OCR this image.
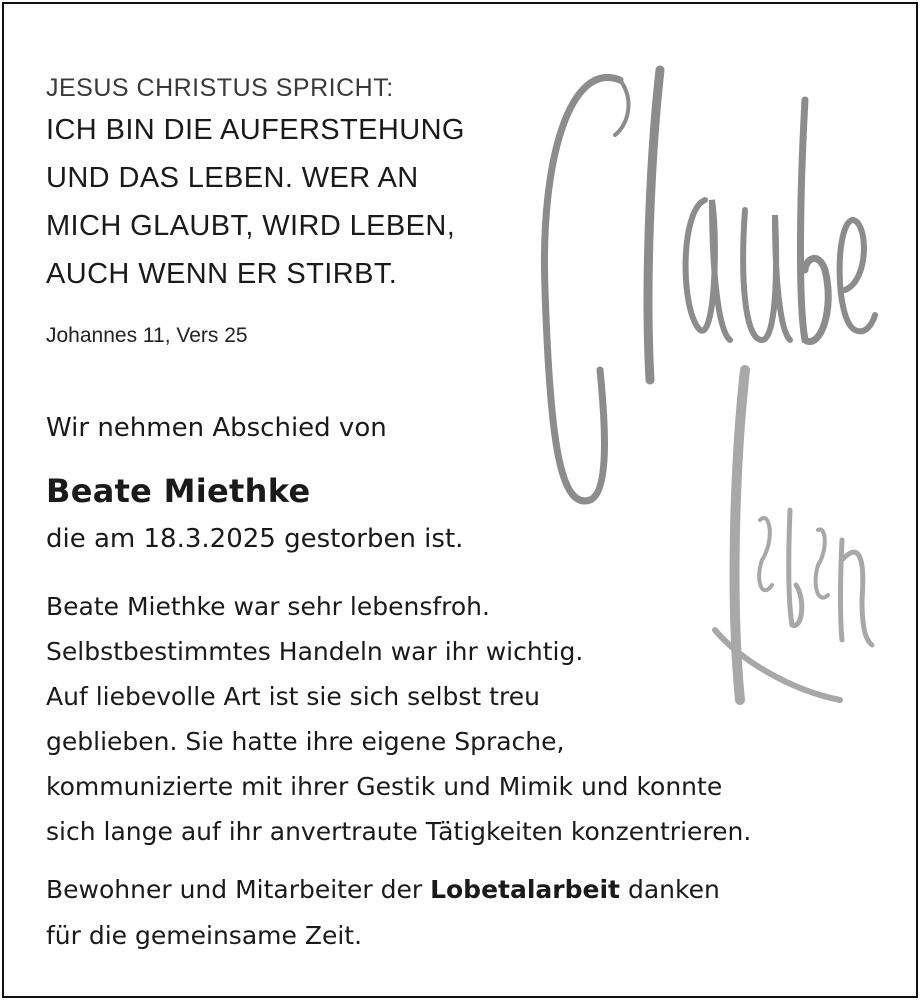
JESUS CHRISTUS SPRICHT:
ICH BIN DIE AUFERSTEHUNG
UND DAS LEBEN. WER AN
MICH GLAUBT, WIRD LEBEN,
AUCH WENN ER STIRBT.
Johannes 11, Vers 25
Wir nehmen Abschied von
Beate Miethke
die am 18.3.2025 gestorben ist.
Beate Miethke war sehr lebensfroh.
Selbstbestimmtes Handeln war ihr wichtig.
Auf liebevolle Art ist sie sich selbst treu
geblieben. Sie hatte ihre eigene Sprache,
kommunizierte mit ihrer Gestik und Mimik und konnte
sich lange auf ihr anvertraute Tätigkeiten konzentrieren.
Bewohner und Mitarbeiter der Lobetalarbeit danken
für die gemeinsame Zeit.
